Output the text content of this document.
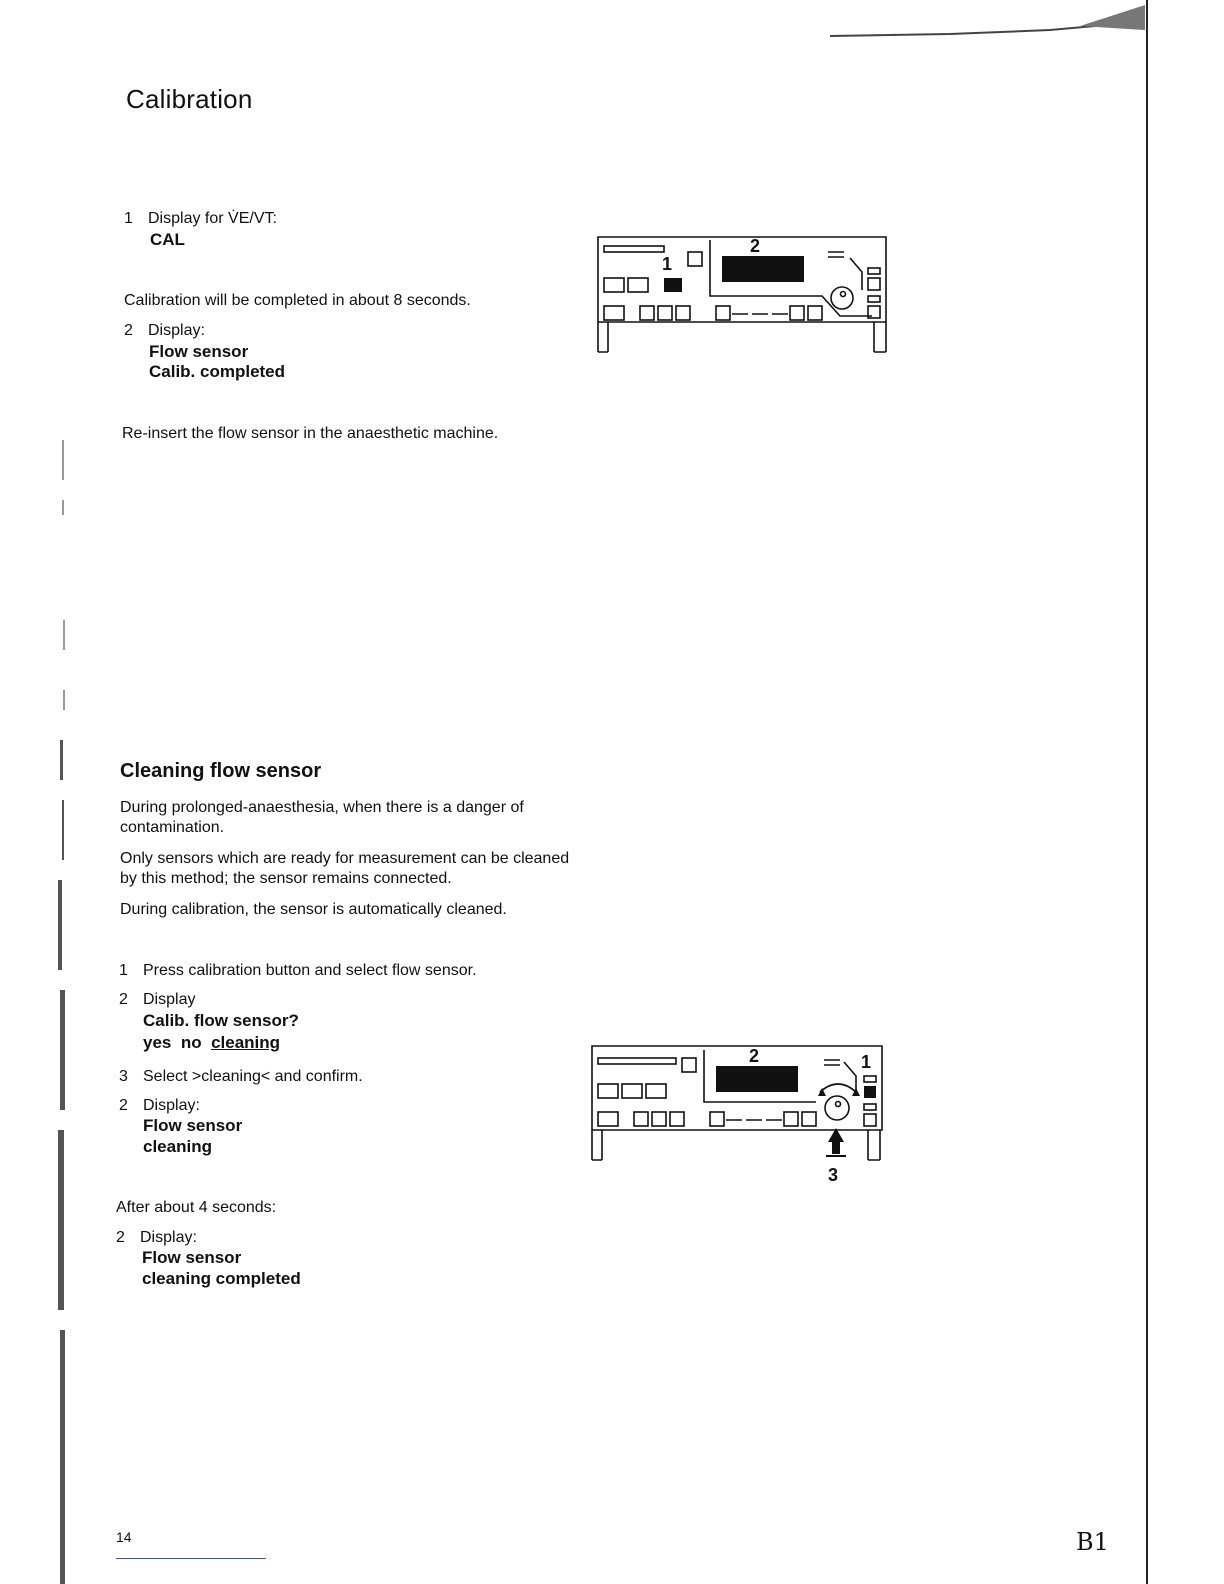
Calibration
1 Display for V̇E/VT:
CAL
Calibration will be completed in about 8 seconds.
2 Display:
Flow sensor
Calib. completed
Re-insert the flow sensor in the anaesthetic machine.
1
2
Cleaning flow sensor
During prolonged-anaesthesia, when there is a danger of contamination.
Only sensors which are ready for measurement can be cleaned by this method; the sensor remains connected.
During calibration, the sensor is automatically cleaned.
1 Press calibration button and select flow sensor.
2 Display
Calib. flow sensor?
yes no cleaning
3 Select >cleaning< and confirm.
2 Display:
Flow sensor
cleaning
After about 4 seconds:
2 Display:
Flow sensor
cleaning completed
2	1
3
14	B1
